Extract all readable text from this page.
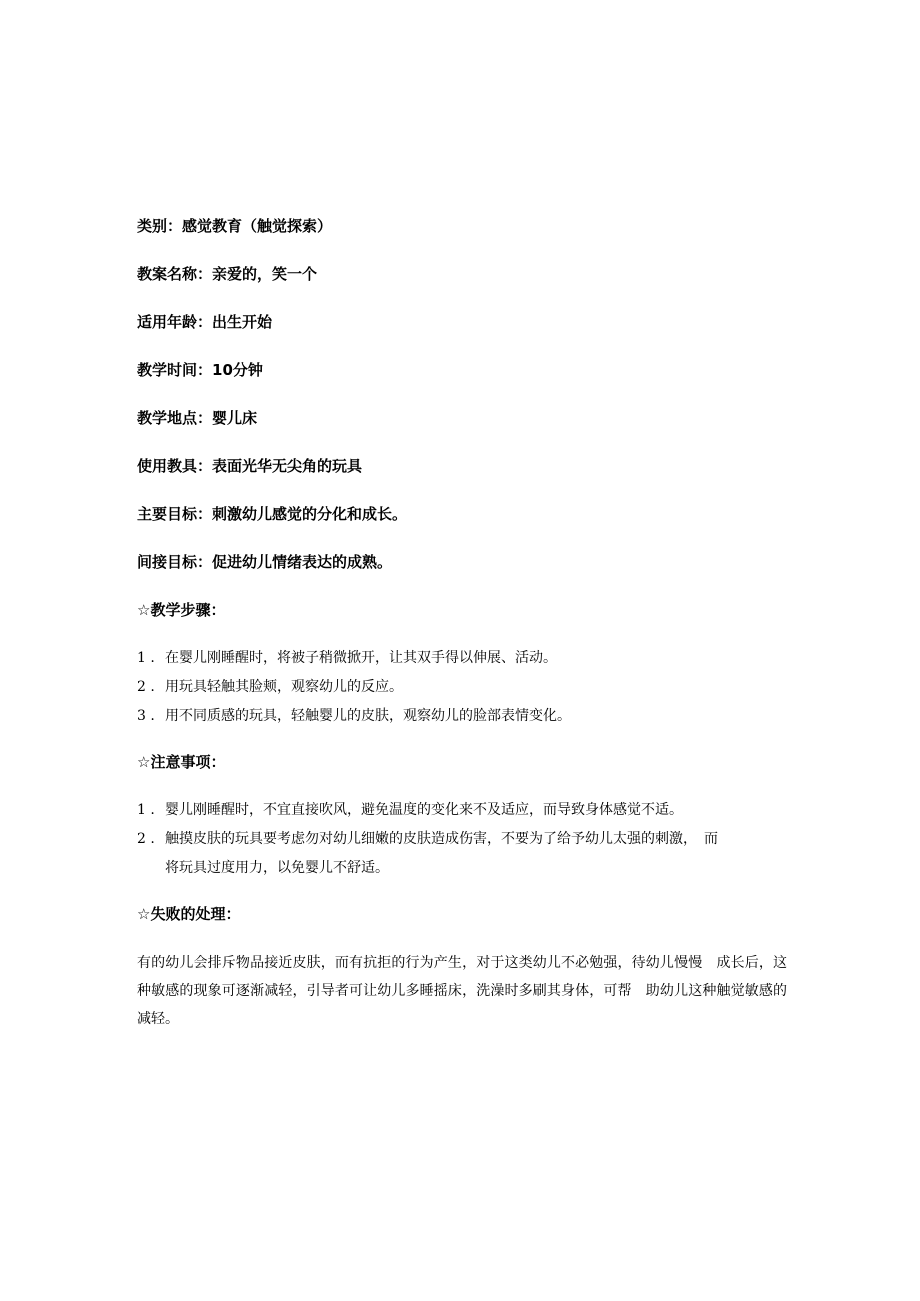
类别：感觉教育（触觉探索）
教案名称：亲爱的，笑一个
适用年龄：出生开始
教学时间：10分钟
教学地点：婴儿床
使用教具：表面光华无尖角的玩具
主要目标：刺激幼儿感觉的分化和成长。
间接目标：促进幼儿情绪表达的成熟。
☆教学步骤：
1 . 在婴儿刚睡醒时，将被子稍微掀开，让其双手得以伸展、活动。
2 . 用玩具轻触其脸颊，观察幼儿的反应。
3 . 用不同质感的玩具，轻触婴儿的皮肤，观察幼儿的脸部表情变化。
☆注意事项：
1 . 婴儿刚睡醒时，不宜直接吹风，避免温度的变化来不及适应，而导致身体感觉不适。
2 . 触摸皮肤的玩具要考虑勿对幼儿细嫩的皮肤造成伤害，不要为了给予幼儿太强的刺激，　而
将玩具过度用力，以免婴儿不舒适。
☆失败的处理：
有的幼儿会排斥物品接近皮肤，而有抗拒的行为产生，对于这类幼儿不必勉强，待幼儿慢慢　成长后，这种敏感的现象可逐渐减轻，引导者可让幼儿多睡摇床，洗澡时多刷其身体，可帮　助幼儿这种触觉敏感的减轻。
